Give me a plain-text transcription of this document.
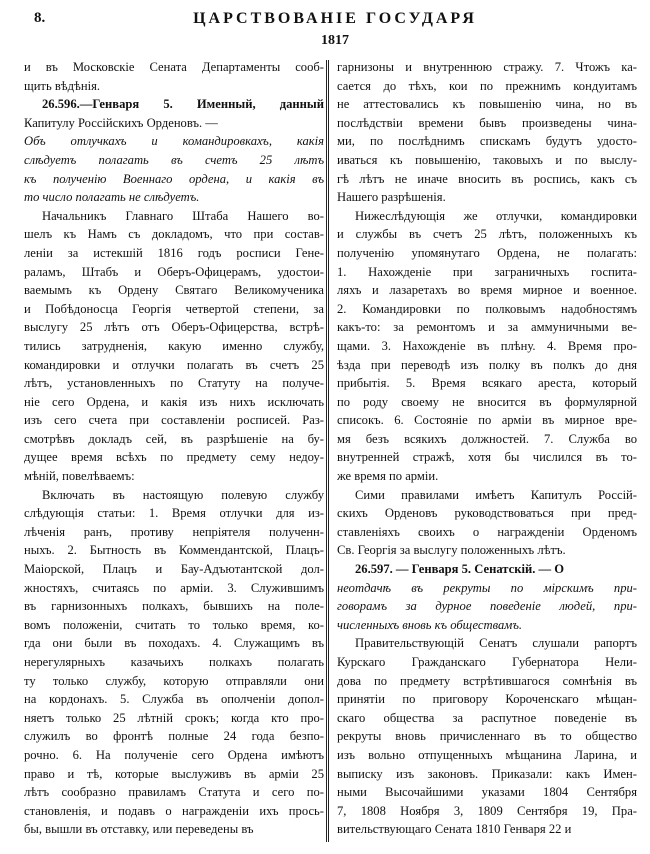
8.	ЦАРСТВОВАНІЕ ГОСУДАРЯ
1817
и въ Московскіе Сената Департаменты сооб-
щить вѣдѣнія.
26.596.—Генваря 5. Именный, данный
Капитулу Россійскихъ Орденовъ. —
Объ отлучкахъ и командировкахъ, какія
слѣдуетъ полагать въ счетъ 25 лѣтъ
къ полученію Военнаго ордена, и какія въ
то число полагать не слѣдуетъ.
Начальникъ Главнаго Штаба Нашего во-
шелъ къ Намъ съ докладомъ, что при состав-
леніи за истекшій 1816 годъ росписи Гене-
раламъ, Штабъ и Оберъ-Офицерамъ, удостои-
ваемымъ къ Ордену Святаго Великомученика
и Побѣдоносца Георгія четвертой степени, за
выслугу 25 лѣтъ отъ Оберъ-Офицерства, встрѣ-
тились затрудненія, какую именно службу,
командировки и отлучки полагать въ счетъ 25
лѣтъ, установленныхъ по Статуту на получе-
ніе сего Ордена, и какія изъ нихъ исключать
изъ сего счета при составленіи росписей. Раз-
смотрѣвъ докладъ сей, въ разрѣшеніе на бу-
дущее время всѣхъ по предмету сему недоу-
мѣній, повелѣваемъ:
Включать въ настоящую полевую службу
слѣдующія статьи: 1. Время отлучки для из-
лѣченія ранъ, противу непріятеля полученн-
ныхъ. 2. Бытность въ Коммендантской, Плацъ-
Маіорской, Плацъ и Бау-Адъютантской дол-
жностяхъ, считаясь по арміи. 3. Служившимъ
въ гарнизонныхъ полкахъ, бывшихъ на поле-
вомъ положеніи, считать то только время, ко-
гда они были въ походахъ. 4. Служащимъ въ
нерегулярныхъ казачьихъ полкахъ полагать
ту только службу, которую отправляли они
на кордонахъ. 5. Служба въ ополченіи допол-
няетъ только 25 лѣтній срокъ; когда кто про-
служилъ во фронтѣ полные 24 года безпо-
рочно. 6. На полученіе сего Ордена имѣютъ
право и тѣ, которые выслуживъ въ арміи 25
лѣтъ сообразно правиламъ Статута и сего по-
становленія, и подавъ о награжденіи ихъ прось-
бы, вышли въ отставку, или переведены въ
гарнизоны и внутреннюю стражу. 7. Чтожъ ка-
сается до тѣхъ, кои по прежнимъ кондуитамъ
не аттестовались къ повышенію чина, но въ
послѣдствіи времени бывъ произведены чина-
ми, по послѣднимъ спискамъ будутъ удосто-
иваться къ повышенію, таковыхъ и по выслу-
гѣ лѣтъ не иначе вносить въ роспись, какъ съ
Нашего разрѣшенія.
Нижеслѣдующія же отлучки, командировки
и службы въ счетъ 25 лѣтъ, положенныхъ къ
полученію упомянутаго Ордена, не полагать:
1. Нахожденіе при заграничныхъ госпита-
ляхъ и лазаретахъ во время мирное и военное.
2. Командировки по полковымъ надобностямъ
какъ-то: за ремонтомъ и за аммуничными ве-
щами. 3. Нахожденіе въ плѣну. 4. Время про-
ѣзда при переводѣ изъ полку въ полкъ до дня
прибытія. 5. Время всякаго ареста, который
по роду своему не вносится въ формулярной
списокъ. 6. Состояніе по арміи въ мирное вре-
мя безъ всякихъ должностей. 7. Служба во
внутренней стражѣ, хотя бы числился въ то-
же время по арміи.
Сими правилами имѣетъ Капитулъ Россій-
скихъ Орденовъ руководствоваться при пред-
ставленіяхъ своихъ о награжденіи Орденомъ
Св. Георгія за выслугу положенныхъ лѣтъ.
26.597. — Генваря 5. Сенатскій. — О
неотдачѣ въ рекруты по мірскимъ при-
говорамъ за дурное поведеніе людей, при-
численныхъ вновь къ обществамъ.
Правительствующій Сенатъ слушали рапортъ
Курскаго Гражданскаго Губернатора Нели-
дова по предмету встрѣтившагося сомнѣнія въ
принятіи по приговору Короченскаго мѣщан-
скаго общества за распутное поведеніе въ
рекруты вновь причисленнаго въ то общество
изъ вольно отпущенныхъ мѣщанина Ларина, и
выписку изъ законовъ. Приказали: какъ Имен-
ными Высочайшими указами 1804 Сентября
7, 1808 Ноября 3, 1809 Сентября 19, Пра-
вительствующаго Сената 1810 Генваря 22 и
